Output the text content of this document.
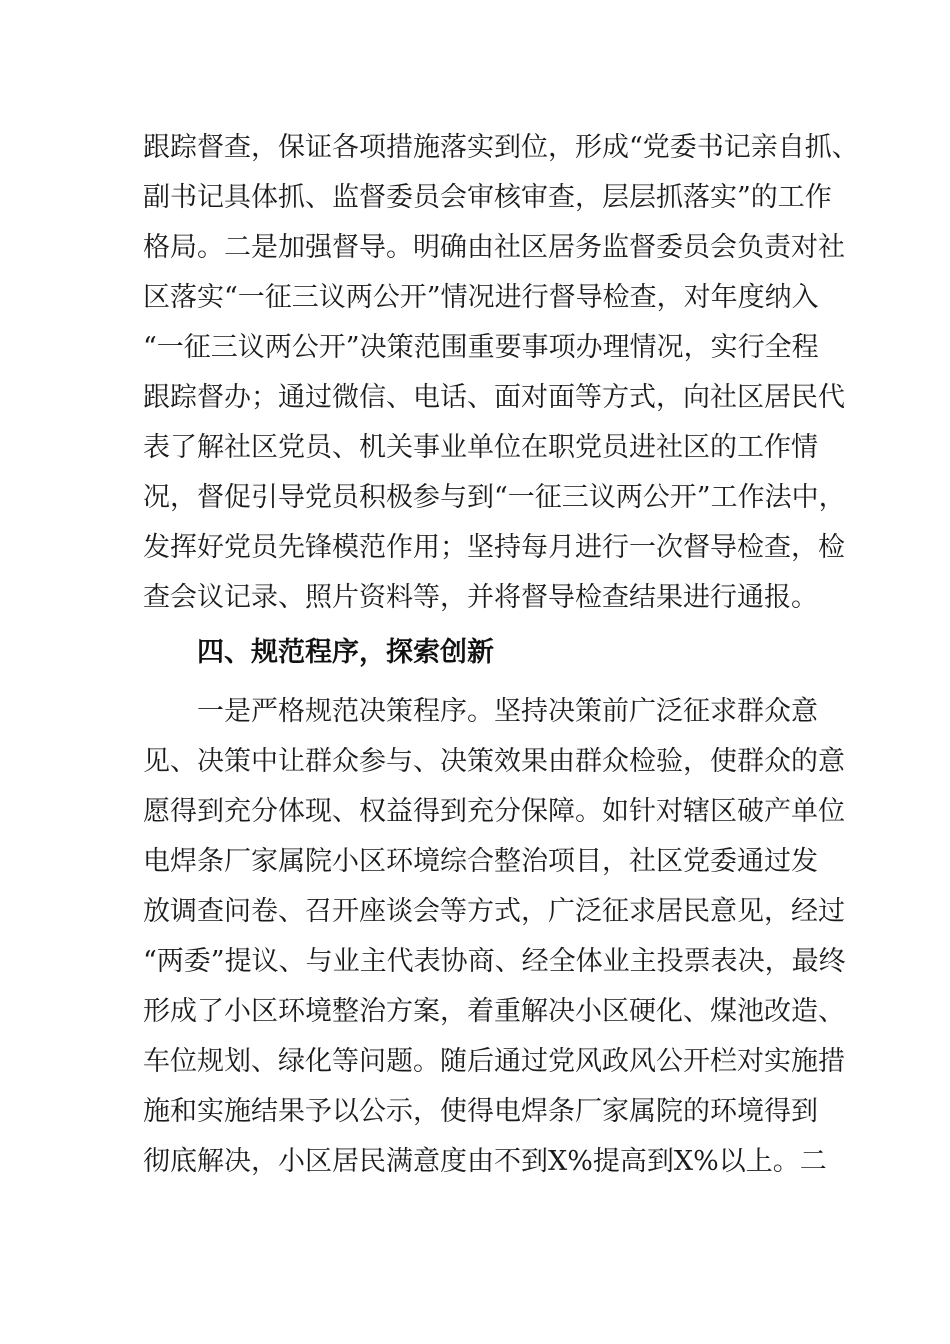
跟踪督查，保证各项措施落实到位，形成“党委书记亲自抓、
副书记具体抓、监督委员会审核审查，层层抓落实”的工作
格局。二是加强督导。明确由社区居务监督委员会负责对社
区落实“一征三议两公开”情况进行督导检查，对年度纳入
“一征三议两公开”决策范围重要事项办理情况，实行全程
跟踪督办；通过微信、电话、面对面等方式，向社区居民代
表了解社区党员、机关事业单位在职党员进社区的工作情
况，督促引导党员积极参与到“一征三议两公开”工作法中，
发挥好党员先锋模范作用；坚持每月进行一次督导检查，检
查会议记录、照片资料等，并将督导检查结果进行通报。
四、规范程序，探索创新
一是严格规范决策程序。坚持决策前广泛征求群众意
见、决策中让群众参与、决策效果由群众检验，使群众的意
愿得到充分体现、权益得到充分保障。如针对辖区破产单位
电焊条厂家属院小区环境综合整治项目，社区党委通过发
放调查问卷、召开座谈会等方式，广泛征求居民意见，经过
“两委”提议、与业主代表协商、经全体业主投票表决，最终
形成了小区环境整治方案，着重解决小区硬化、煤池改造、
车位规划、绿化等问题。随后通过党风政风公开栏对实施措
施和实施结果予以公示，使得电焊条厂家属院的环境得到
彻底解决，小区居民满意度由不到X%提高到X%以上。二
